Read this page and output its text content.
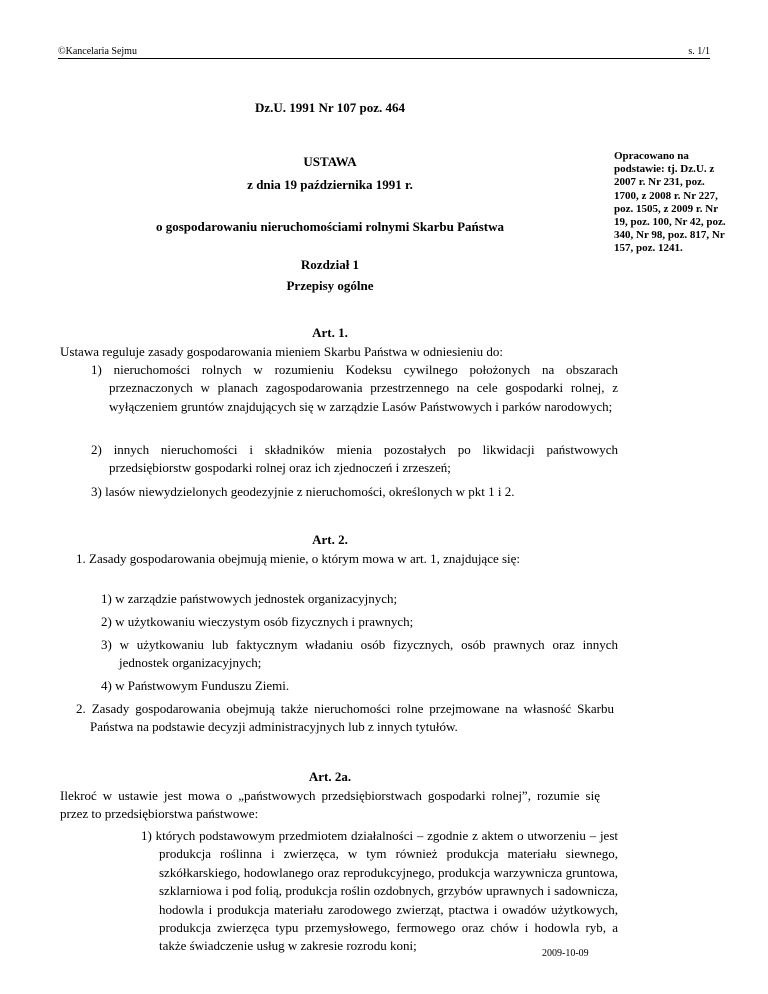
©Kancelaria Sejmu	s. 1/1
Dz.U. 1991 Nr 107 poz. 464
USTAWA
z dnia 19 października 1991 r.
o gospodarowaniu nieruchomościami rolnymi Skarbu Państwa
Rozdział 1
Przepisy ogólne
Opracowano na podstawie: tj. Dz.U. z 2007 r. Nr 231, poz. 1700, z 2008 r. Nr 227, poz. 1505, z 2009 r. Nr 19, poz. 100, Nr 42, poz. 340, Nr 98, poz. 817, Nr 157, poz. 1241.
Art. 1.
Ustawa reguluje zasady gospodarowania mieniem Skarbu Państwa w odniesieniu do:
1) nieruchomości rolnych w rozumieniu Kodeksu cywilnego położonych na obszarach przeznaczonych w planach zagospodarowania przestrzennego na cele gospodarki rolnej, z wyłączeniem gruntów znajdujących się w zarządzie Lasów Państwowych i parków narodowych;
2) innych nieruchomości i składników mienia pozostałych po likwidacji państwowych przedsiębiorstw gospodarki rolnej oraz ich zjednoczeń i zrzeszeń;
3) lasów niewydzielonych geodezyjnie z nieruchomości, określonych w pkt 1 i 2.
Art. 2.
1. Zasady gospodarowania obejmują mienie, o którym mowa w art. 1, znajdujące się:
1) w zarządzie państwowych jednostek organizacyjnych;
2) w użytkowaniu wieczystym osób fizycznych i prawnych;
3) w użytkowaniu lub faktycznym władaniu osób fizycznych, osób prawnych oraz innych jednostek organizacyjnych;
4) w Państwowym Funduszu Ziemi.
2. Zasady gospodarowania obejmują także nieruchomości rolne przejmowane na własność Skarbu Państwa na podstawie decyzji administracyjnych lub z innych tytułów.
Art. 2a.
Ilekroć w ustawie jest mowa o „państwowych przedsiębiorstwach gospodarki rolnej”, rozumie się przez to przedsiębiorstwa państwowe:
1) których podstawowym przedmiotem działalności – zgodnie z aktem o utworzeniu – jest produkcja roślinna i zwierzęca, w tym również produkcja materiału siewnego, szkółkarskiego, hodowlanego oraz reprodukcyjnego, produkcja warzywnicza gruntowa, szklarniowa i pod folią, produkcja roślin ozdobnych, grzybów uprawnych i sadownicza, hodowla i produkcja materiału zarodowego zwierząt, ptactwa i owadów użytkowych, produkcja zwierzęca typu przemysłowego, fermowego oraz chów i hodowla ryb, a także świadczenie usług w zakresie rozrodu koni;
2009-10-09
